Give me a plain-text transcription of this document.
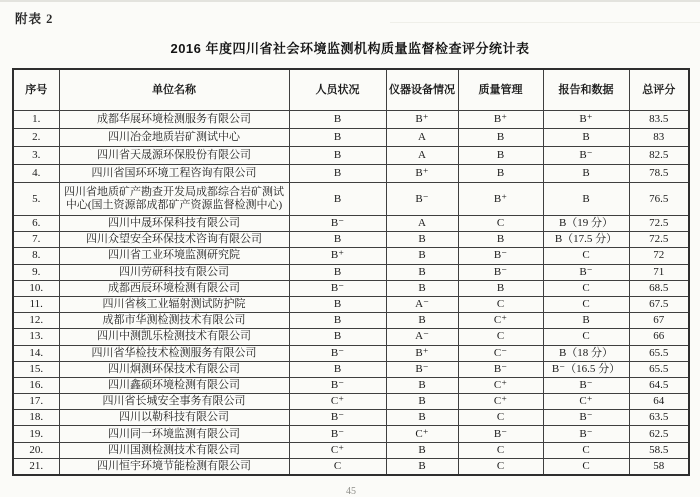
附表 2
2016 年度四川省社会环境监测机构质量监督检查评分统计表
序号	单位名称	人员状况	仪器设备情况	质量管理	报告和数据	总评分
1.	成都华展环境检测服务有限公司	B	B⁺	B⁺	B⁺	83.5
2.	四川冶金地质岩矿测试中心	B	A	B	B	83
3.	四川省天晟源环保股份有限公司	B	A	B	B⁻	82.5
4.	四川省国环环境工程咨询有限公司	B	B⁺	B	B	78.5
5.	四川省地质矿产勘查开发局成都综合岩矿测试中心(国土资源部成都矿产资源监督检测中心)	B	B⁻	B⁺	B	76.5
6.	四川中晟环保科技有限公司	B⁻	A	C	B（19 分）	72.5
7.	四川众望安全环保技术咨询有限公司	B	B	B	B（17.5 分）	72.5
8.	四川省工业环境监测研究院	B⁺	B	B⁻	C	72
9.	四川劳研科技有限公司	B	B	B⁻	B⁻	71
10.	成都西辰环境检测有限公司	B⁻	B	B	C	68.5
11.	四川省核工业辐射测试防护院	B	A⁻	C	C	67.5
12.	成都市华测检测技术有限公司	B	B	C⁺	B	67
13.	四川中测凯乐检测技术有限公司	B	A⁻	C	C	66
14.	四川省华检技术检测服务有限公司	B⁻	B⁺	C⁻	B（18 分）	65.5
15.	四川炯测环保技术有限公司	B	B⁻	B⁻	B⁻（16.5 分）	65.5
16.	四川鑫硕环境检测有限公司	B⁻	B	C⁺	B⁻	64.5
17.	四川省长城安全事务有限公司	C⁺	B	C⁺	C⁺	64
18.	四川以勒科技有限公司	B⁻	B	C	B⁻	63.5
19.	四川同一环境监测有限公司	B⁻	C⁺	B⁻	B⁻	62.5
20.	四川国测检测技术有限公司	C⁺	B	C	C	58.5
21.	四川恒宇环境节能检测有限公司	C	B	C	C	58
45
